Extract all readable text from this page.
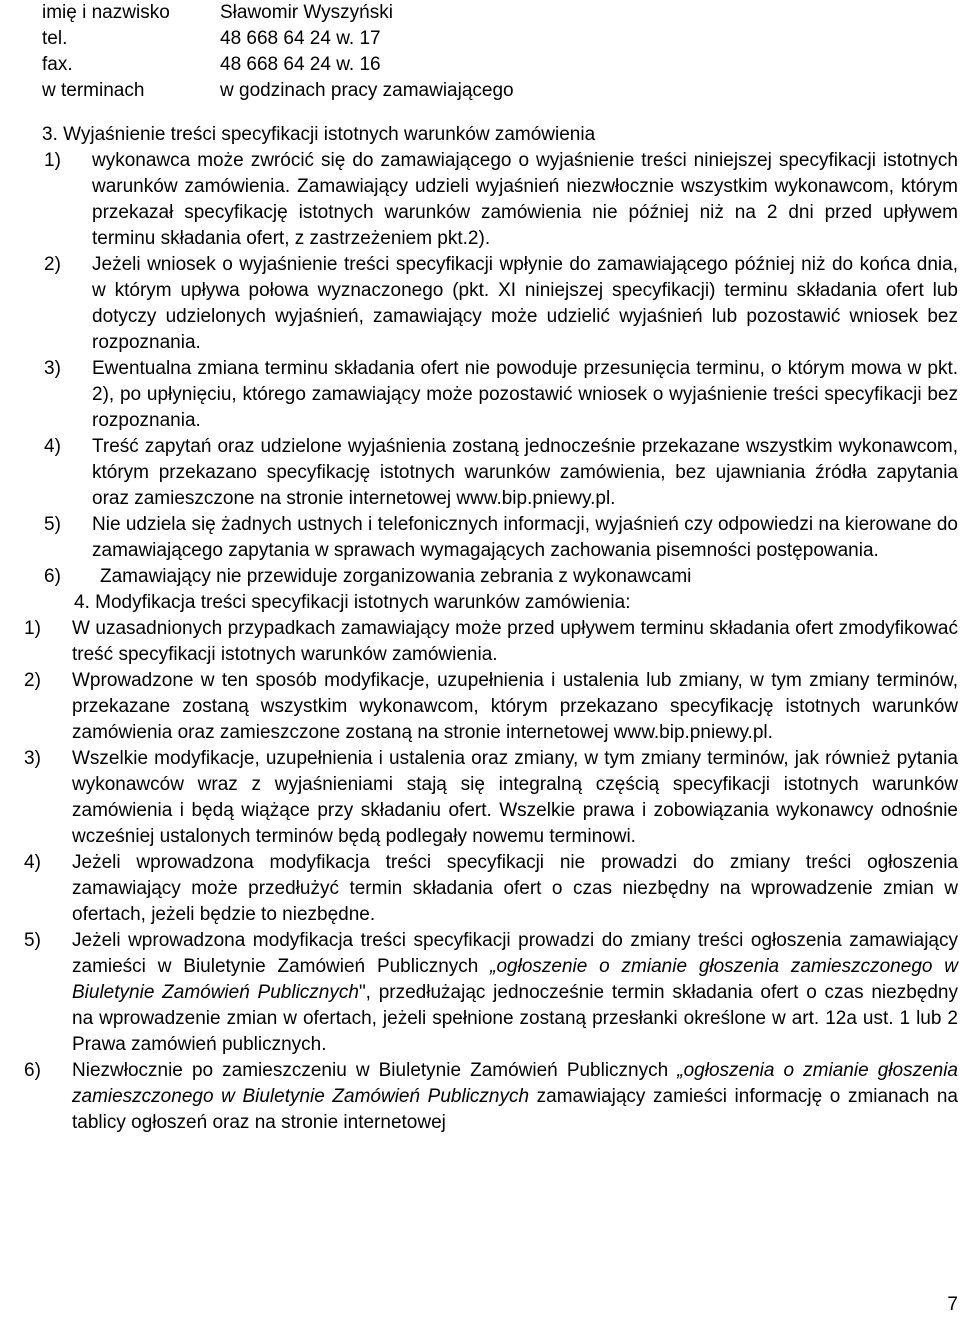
imię i nazwisko	Sławomir Wyszyński
tel.	48 668 64 24 w. 17
fax.	48 668 64 24 w. 16
w terminach	w godzinach pracy zamawiającego
3. Wyjaśnienie treści specyfikacji istotnych warunków zamówienia
1)	wykonawca może zwrócić się do zamawiającego o wyjaśnienie treści niniejszej specyfikacji istotnych warunków zamówienia. Zamawiający udzieli wyjaśnień niezwłocznie wszystkim wykonawcom, którym przekazał specyfikację istotnych warunków zamówienia nie później niż na 2 dni przed upływem terminu składania ofert, z zastrzeżeniem pkt.2).
2)	Jeżeli wniosek o wyjaśnienie treści specyfikacji wpłynie do zamawiającego później niż do końca dnia, w którym upływa połowa wyznaczonego (pkt. XI niniejszej specyfikacji) terminu składania ofert lub dotyczy udzielonych wyjaśnień, zamawiający może udzielić wyjaśnień lub pozostawić wniosek bez rozpoznania.
3)	Ewentualna zmiana terminu składania ofert nie powoduje przesunięcia terminu, o którym mowa w pkt. 2), po upłynięciu, którego zamawiający może pozostawić wniosek o wyjaśnienie treści specyfikacji bez rozpoznania.
4)	Treść zapytań oraz udzielone wyjaśnienia zostaną jednocześnie przekazane wszystkim wykonawcom, którym przekazano specyfikację istotnych warunków zamówienia, bez ujawniania źródła zapytania oraz zamieszczone na stronie internetowej www.bip.pniewy.pl.
5)	Nie udziela się żadnych ustnych i telefonicznych informacji, wyjaśnień czy odpowiedzi na kierowane do zamawiającego zapytania w sprawach wymagających zachowania pisemności postępowania.
6)	Zamawiający nie przewiduje zorganizowania zebrania z wykonawcami
4. Modyfikacja treści specyfikacji istotnych warunków zamówienia:
1)	W uzasadnionych przypadkach zamawiający może przed upływem terminu składania ofert zmodyfikować treść specyfikacji istotnych warunków zamówienia.
2)	Wprowadzone w ten sposób modyfikacje, uzupełnienia i ustalenia lub zmiany, w tym zmiany terminów, przekazane zostaną wszystkim wykonawcom, którym przekazano specyfikację istotnych warunków zamówienia oraz zamieszczone zostaną na stronie internetowej www.bip.pniewy.pl.
3)	Wszelkie modyfikacje, uzupełnienia i ustalenia oraz zmiany, w tym zmiany terminów, jak również pytania wykonawców wraz z wyjaśnieniami stają się integralną częścią specyfikacji istotnych warunków zamówienia i będą wiążące przy składaniu ofert. Wszelkie prawa i zobowiązania wykonawcy odnośnie wcześniej ustalonych terminów będą podlegały nowemu terminowi.
4)	Jeżeli wprowadzona modyfikacja treści specyfikacji nie prowadzi do zmiany treści ogłoszenia zamawiający może przedłużyć termin składania ofert o czas niezbędny na wprowadzenie zmian w ofertach, jeżeli będzie to niezbędne.
5)	Jeżeli wprowadzona modyfikacja treści specyfikacji prowadzi do zmiany treści ogłoszenia zamawiający zamieści w Biuletynie Zamówień Publicznych „ogłoszenie o zmianie głoszenia zamieszczonego w Biuletynie Zamówień Publicznych", przedłużając jednocześnie termin składania ofert o czas niezbędny na wprowadzenie zmian w ofertach, jeżeli spełnione zostaną przesłanki określone w art. 12a ust. 1 lub 2 Prawa zamówień publicznych.
6)	Niezwłocznie po zamieszczeniu w Biuletynie Zamówień Publicznych „ogłoszenia o zmianie głoszenia zamieszczonego w Biuletynie Zamówień Publicznych zamawiający zamieści informację o zmianach na tablicy ogłoszeń oraz na stronie internetowej
7
